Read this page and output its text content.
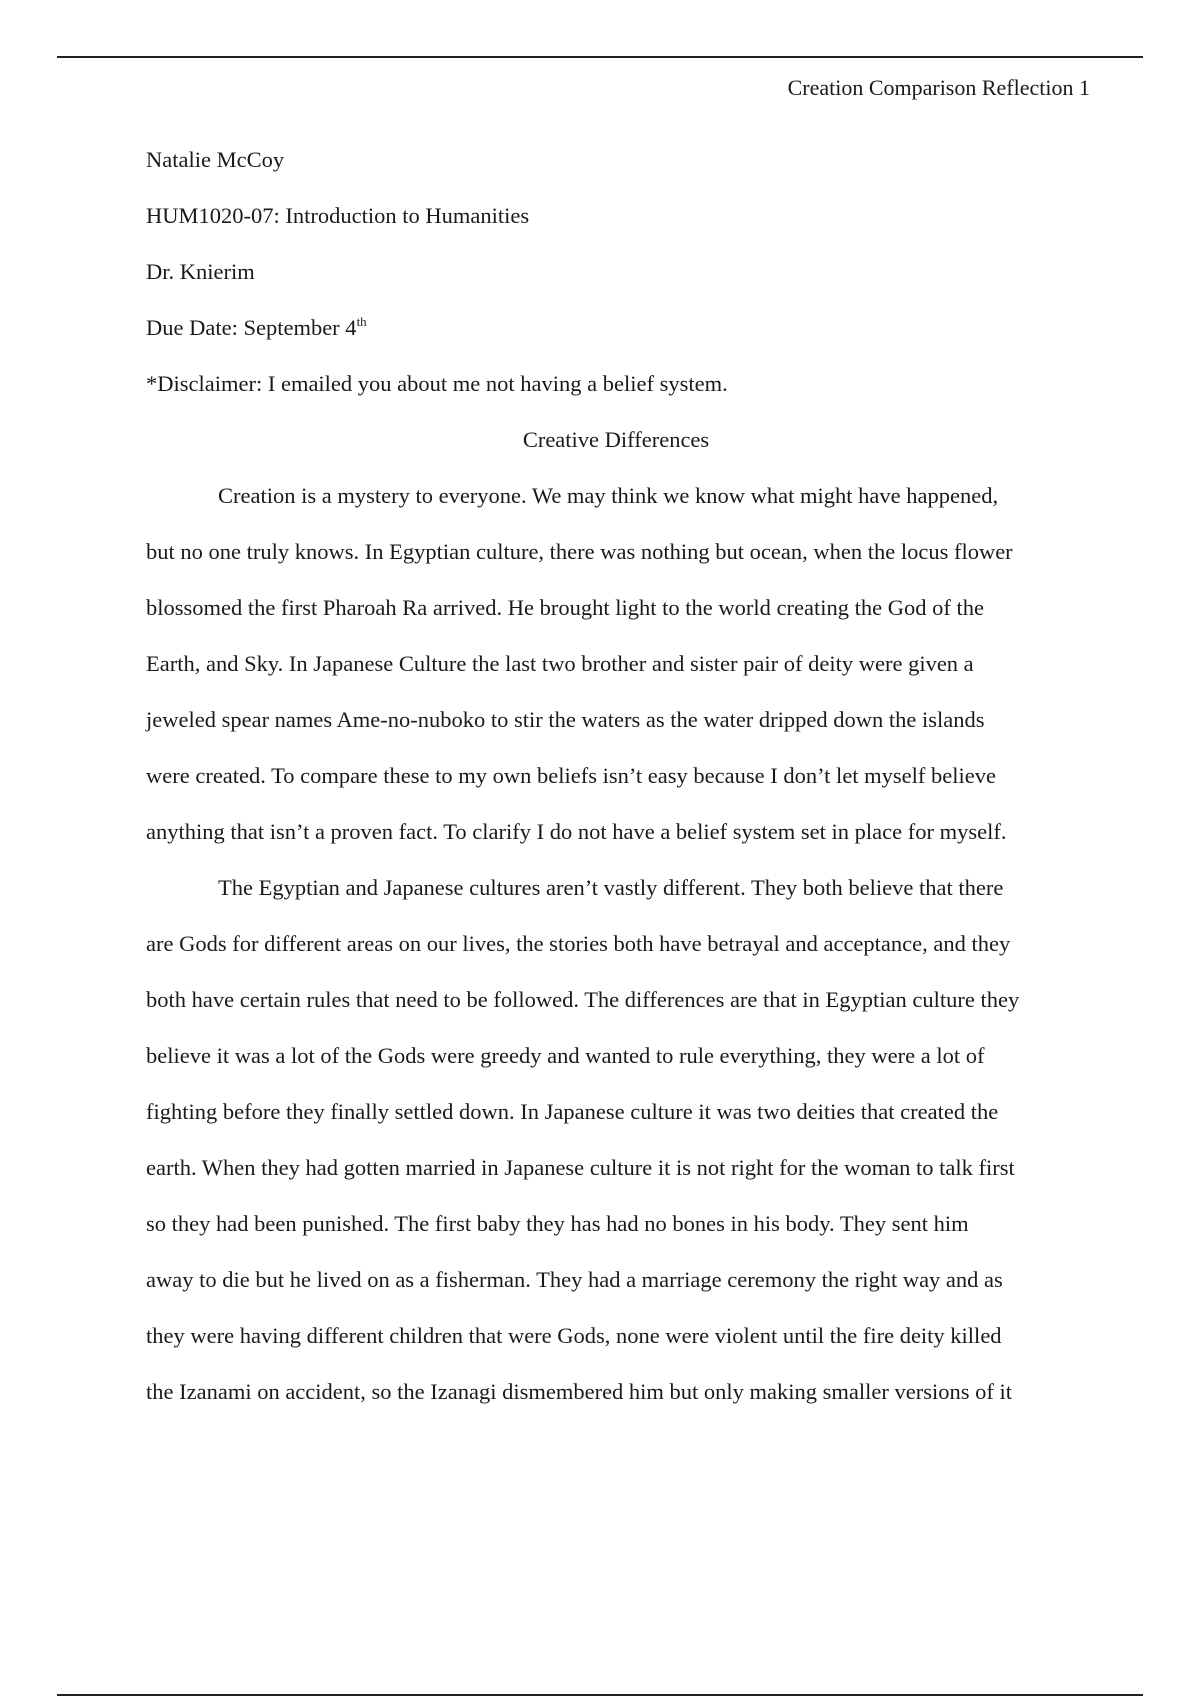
Creation Comparison Reflection 1
Natalie McCoy
HUM1020-07: Introduction to Humanities
Dr. Knierim
Due Date: September 4th
*Disclaimer: I emailed you about me not having a belief system.
Creative Differences
Creation is a mystery to everyone. We may think we know what might have happened,
but no one truly knows. In Egyptian culture, there was nothing but ocean, when the locus flower
blossomed the first Pharoah Ra arrived. He brought light to the world creating the God of the
Earth, and Sky. In Japanese Culture the last two brother and sister pair of deity were given a
jeweled spear names Ame-no-nuboko to stir the waters as the water dripped down the islands
were created. To compare these to my own beliefs isn’t easy because I don’t let myself believe
anything that isn’t a proven fact. To clarify I do not have a belief system set in place for myself.
The Egyptian and Japanese cultures aren’t vastly different. They both believe that there
are Gods for different areas on our lives, the stories both have betrayal and acceptance, and they
both have certain rules that need to be followed. The differences are that in Egyptian culture they
believe it was a lot of the Gods were greedy and wanted to rule everything, they were a lot of
fighting before they finally settled down. In Japanese culture it was two deities that created the
earth. When they had gotten married in Japanese culture it is not right for the woman to talk first
so they had been punished. The first baby they has had no bones in his body. They sent him
away to die but he lived on as a fisherman. They had a marriage ceremony the right way and as
they were having different children that were Gods, none were violent until the fire deity killed
the Izanami on accident, so the Izanagi dismembered him but only making smaller versions of it
